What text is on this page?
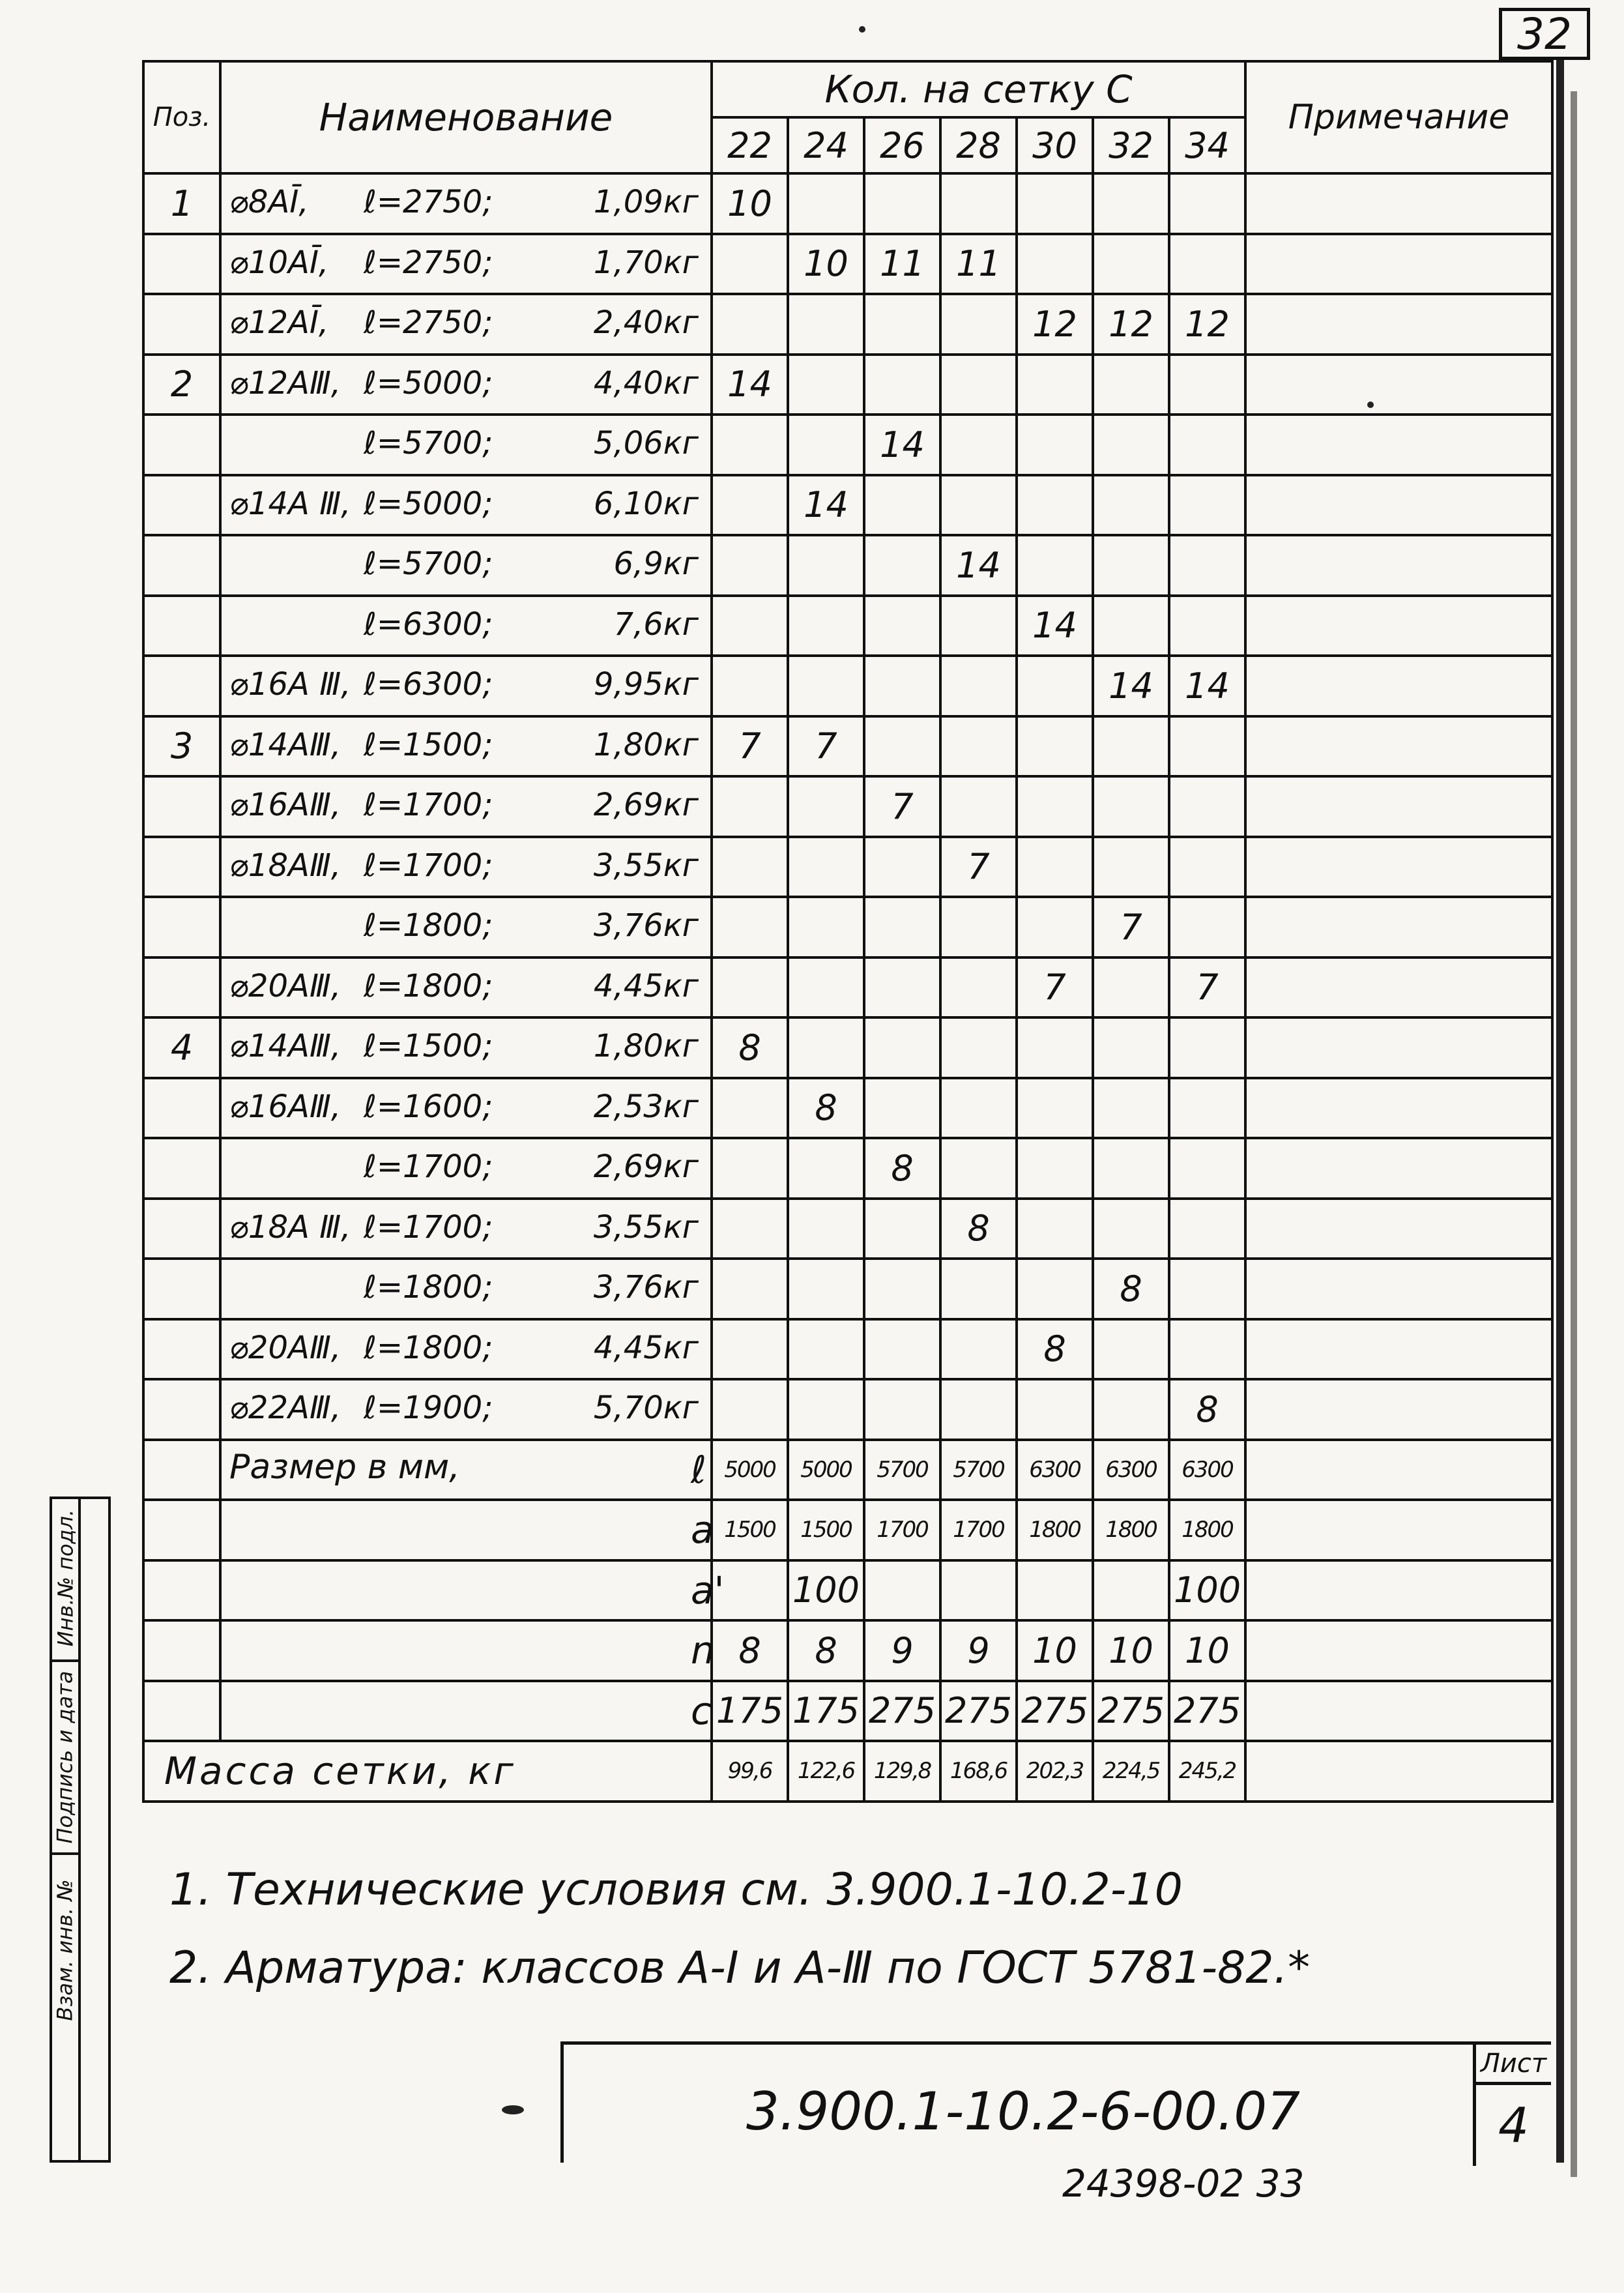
32
Поз.	Наименование	Кол. на сетку С							Примечание
		22	24	26	28	30	32	34	
1	⌀8АĪ, ℓ=2750; 1,09кг	10							

	⌀10АĪ, ℓ=2750; 1,70кг		10	11	11				

	⌀12АĪ, ℓ=2750; 2,40кг					12	12	12	
2	⌀12АⅢ, ℓ=5000; 4,40кг	14							

	ℓ=5700; 5,06кг			14					

	⌀14А Ⅲ, ℓ=5000; 6,10кг		14						

	ℓ=5700; 6,9кг				14				

	ℓ=6300; 7,6кг					14			

	⌀16А Ⅲ, ℓ=6300; 9,95кг						14	14	
3	⌀14АⅢ, ℓ=1500; 1,80кг	7	7						

	⌀16АⅢ, ℓ=1700; 2,69кг			7					

	⌀18АⅢ, ℓ=1700; 3,55кг				7				

	ℓ=1800; 3,76кг						7		

	⌀20АⅢ, ℓ=1800; 4,45кг					7		7	
4	⌀14АⅢ, ℓ=1500; 1,80кг	8							

	⌀16АⅢ, ℓ=1600; 2,53кг		8						

	ℓ=1700; 2,69кг			8					

	⌀18А Ⅲ, ℓ=1700; 3,55кг				8				

	ℓ=1800; 3,76кг						8		

	⌀20АⅢ, ℓ=1800; 4,45кг					8			

	⌀22АⅢ, ℓ=1900; 5,70кг							8	

	Размер в мм, ℓ	5000	5000	5700	5700	6300	6300	6300	

	a	1500	1500	1700	1700	1800	1800	1800	

	a'		100					100	

	n	8	8	9	9	10	10	10	

	c	175	175	275	275	275	275	275	

Масса сетки, кг		99,6	122,6	129,8	168,6	202,3	224,5	245,2	
1. Технические условия см. 3.900.1-10.2-10
2. Арматура: классов А-I и А-Ⅲ по ГОСТ 5781-82.*
3.900.1-10.2-6-00.07
Лист
4
24398-02 33
Инв.№ подл.
Подпись и дата
Взам. инв. №
